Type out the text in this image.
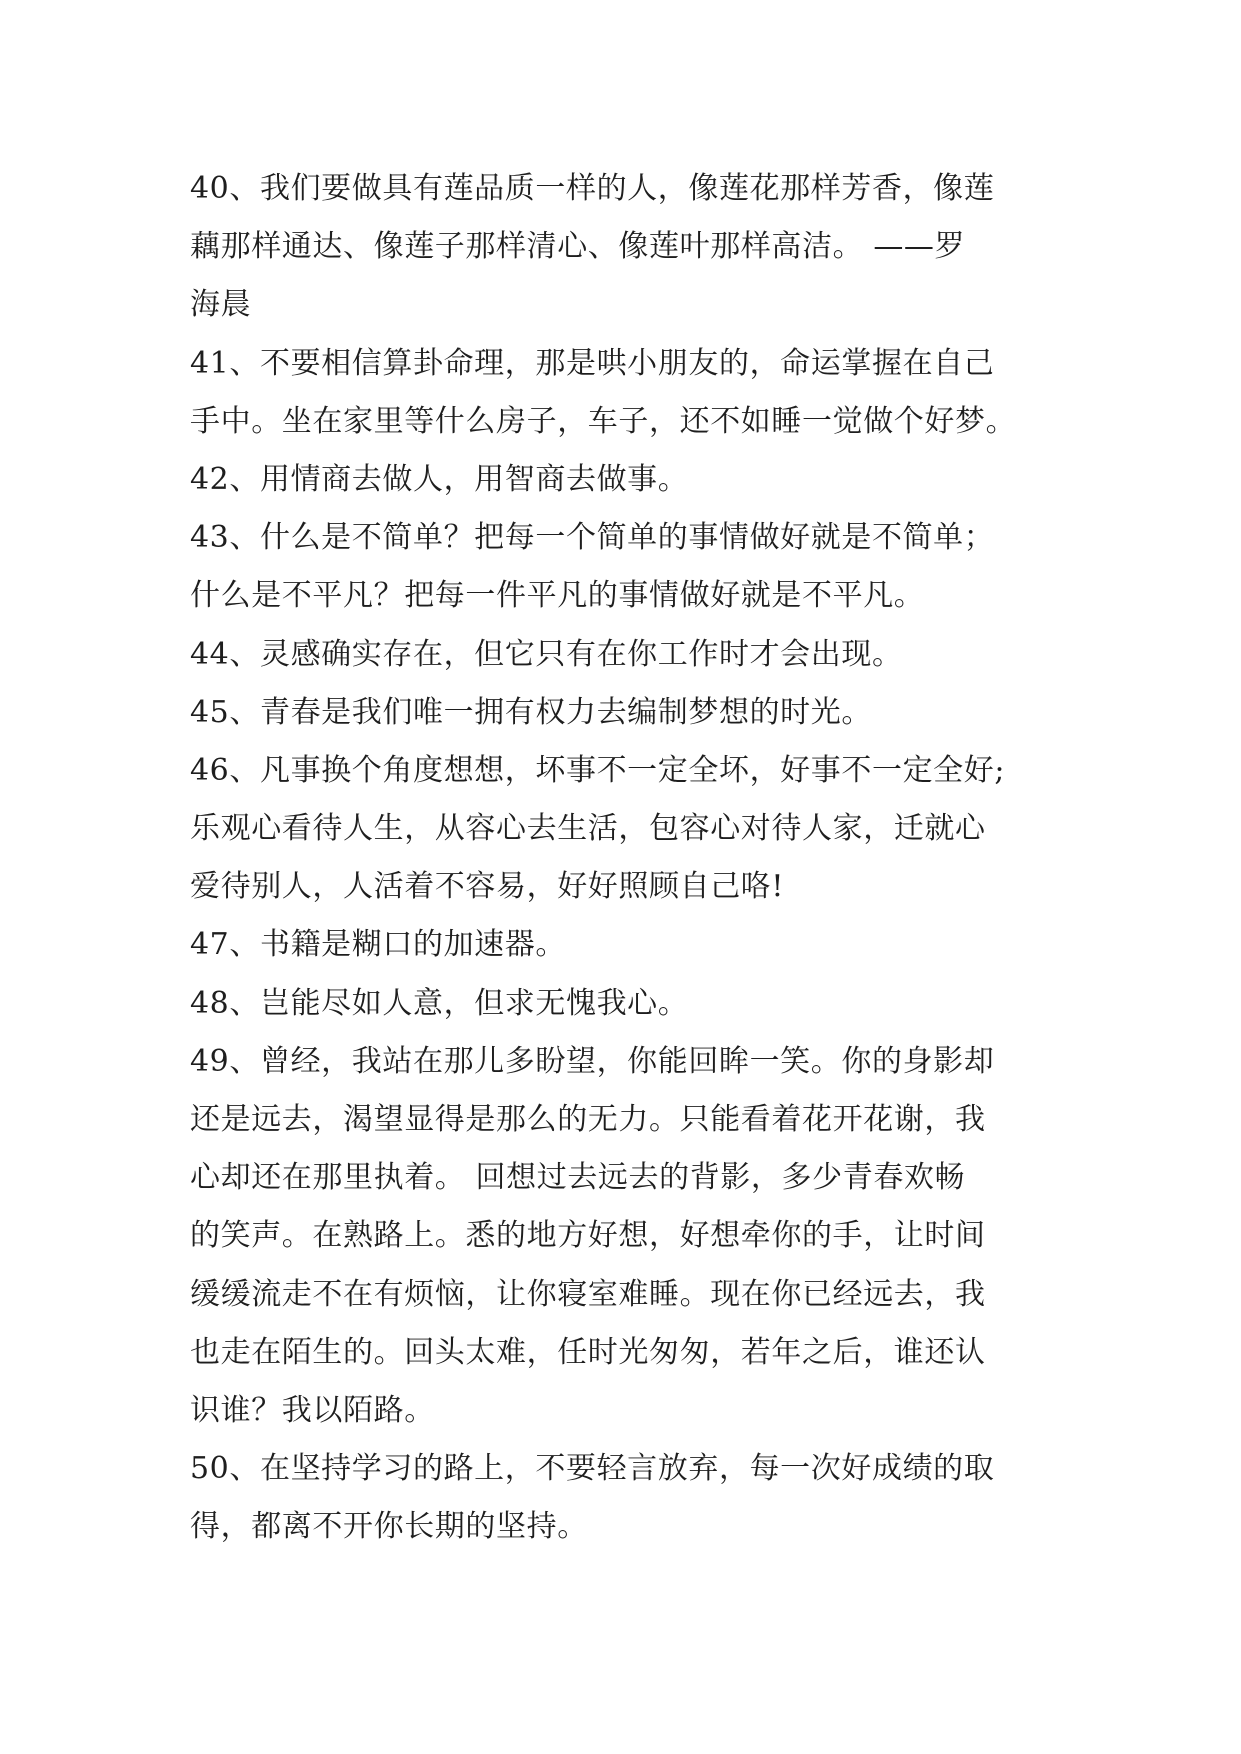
40、我们要做具有莲品质一样的人，像莲花那样芳香，像莲
藕那样通达、像莲子那样清心、像莲叶那样高洁。 ——罗
海晨
41、不要相信算卦命理，那是哄小朋友的，命运掌握在自己
手中。坐在家里等什么房子，车子，还不如睡一觉做个好梦。
42、用情商去做人，用智商去做事。
43、什么是不简单？把每一个简单的事情做好就是不简单；
什么是不平凡？把每一件平凡的事情做好就是不平凡。
44、灵感确实存在，但它只有在你工作时才会出现。
45、青春是我们唯一拥有权力去编制梦想的时光。
46、凡事换个角度想想，坏事不一定全坏，好事不一定全好;
乐观心看待人生，从容心去生活，包容心对待人家，迁就心
爱待别人，人活着不容易，好好照顾自己咯!
47、书籍是糊口的加速器。
48、岂能尽如人意，但求无愧我心。
49、曾经，我站在那儿多盼望，你能回眸一笑。你的身影却
还是远去，渴望显得是那么的无力。只能看着花开花谢，我
心却还在那里执着。 回想过去远去的背影，多少青春欢畅
的笑声。在熟路上。悉的地方好想，好想牵你的手，让时间
缓缓流走不在有烦恼，让你寝室难睡。现在你已经远去，我
也走在陌生的。回头太难，任时光匆匆，若年之后，谁还认
识谁？我以陌路。
50、在坚持学习的路上，不要轻言放弃，每一次好成绩的取
得，都离不开你长期的坚持。
